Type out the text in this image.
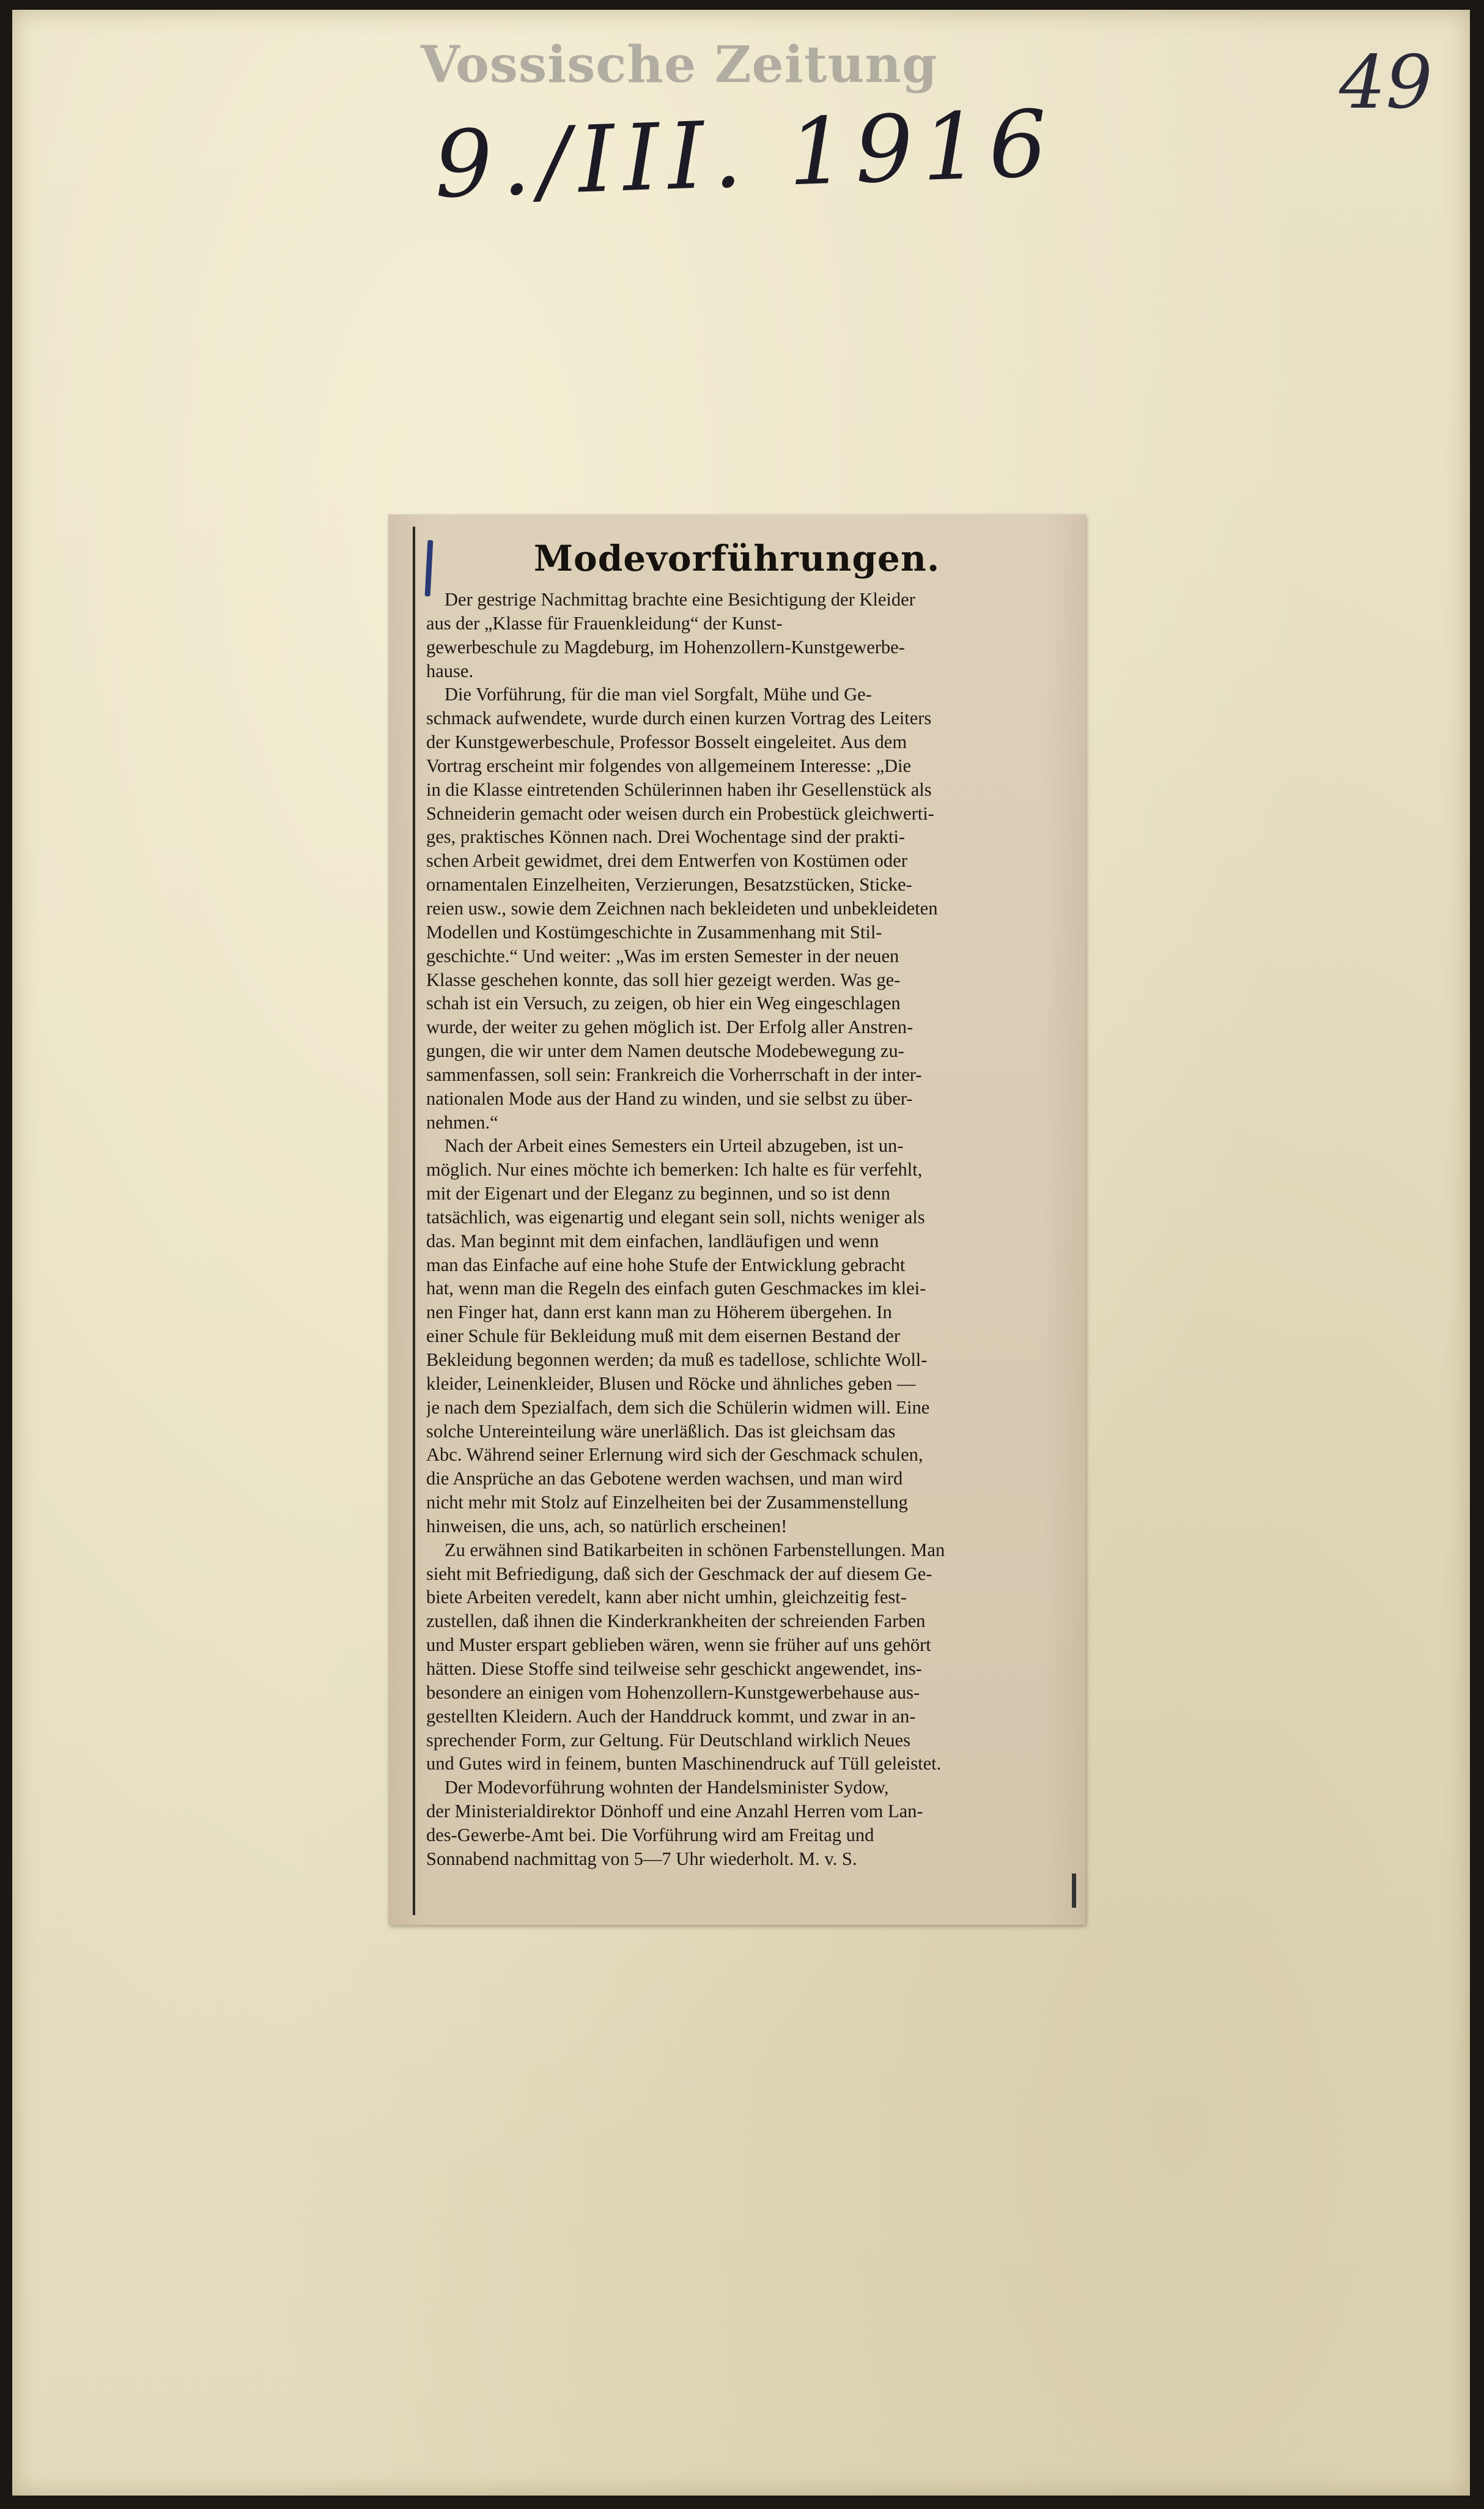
Vossische Zeitung
9./III. 1916
49
Modevorführungen.
Der gestrige Nachmittag brachte eine Besichtigung der Kleider
aus der „Klasse für Frauenkleidung“ der Kunst-
gewerbeschule zu Magdeburg, im Hohenzollern-Kunstgewerbe-
hause.
Die Vorführung, für die man viel Sorgfalt, Mühe und Ge-
schmack aufwendete, wurde durch einen kurzen Vortrag des Leiters
der Kunstgewerbeschule, Professor Bosselt eingeleitet. Aus dem
Vortrag erscheint mir folgendes von allgemeinem Interesse: „Die
in die Klasse eintretenden Schülerinnen haben ihr Gesellenstück als
Schneiderin gemacht oder weisen durch ein Probestück gleichwerti-
ges, praktisches Können nach. Drei Wochentage sind der prakti-
schen Arbeit gewidmet, drei dem Entwerfen von Kostümen oder
ornamentalen Einzelheiten, Verzierungen, Besatzstücken, Sticke-
reien usw., sowie dem Zeichnen nach bekleideten und unbekleideten
Modellen und Kostümgeschichte in Zusammenhang mit Stil-
geschichte.“ Und weiter: „Was im ersten Semester in der neuen
Klasse geschehen konnte, das soll hier gezeigt werden. Was ge-
schah ist ein Versuch, zu zeigen, ob hier ein Weg eingeschlagen
wurde, der weiter zu gehen möglich ist. Der Erfolg aller Anstren-
gungen, die wir unter dem Namen deutsche Modebewegung zu-
sammenfassen, soll sein: Frankreich die Vorherrschaft in der inter-
nationalen Mode aus der Hand zu winden, und sie selbst zu über-
nehmen.“
Nach der Arbeit eines Semesters ein Urteil abzugeben, ist un-
möglich. Nur eines möchte ich bemerken: Ich halte es für verfehlt,
mit der Eigenart und der Eleganz zu beginnen, und so ist denn
tatsächlich, was eigenartig und elegant sein soll, nichts weniger als
das. Man beginnt mit dem einfachen, landläufigen und wenn
man das Einfache auf eine hohe Stufe der Entwicklung gebracht
hat, wenn man die Regeln des einfach guten Geschmackes im klei-
nen Finger hat, dann erst kann man zu Höherem übergehen. In
einer Schule für Bekleidung muß mit dem eisernen Bestand der
Bekleidung begonnen werden; da muß es tadellose, schlichte Woll-
kleider, Leinenkleider, Blusen und Röcke und ähnliches geben —
je nach dem Spezialfach, dem sich die Schülerin widmen will. Eine
solche Untereinteilung wäre unerläßlich. Das ist gleichsam das
Abc. Während seiner Erlernung wird sich der Geschmack schulen,
die Ansprüche an das Gebotene werden wachsen, und man wird
nicht mehr mit Stolz auf Einzelheiten bei der Zusammenstellung
hinweisen, die uns, ach, so natürlich erscheinen!
Zu erwähnen sind Batikarbeiten in schönen Farbenstellungen. Man
sieht mit Befriedigung, daß sich der Geschmack der auf diesem Ge-
biete Arbeiten veredelt, kann aber nicht umhin, gleichzeitig fest-
zustellen, daß ihnen die Kinderkrankheiten der schreienden Farben
und Muster erspart geblieben wären, wenn sie früher auf uns gehört
hätten. Diese Stoffe sind teilweise sehr geschickt angewendet, ins-
besondere an einigen vom Hohenzollern-Kunstgewerbehause aus-
gestellten Kleidern. Auch der Handdruck kommt, und zwar in an-
sprechender Form, zur Geltung. Für Deutschland wirklich Neues
und Gutes wird in feinem, bunten Maschinendruck auf Tüll geleistet.
Der Modevorführung wohnten der Handelsminister Sydow,
der Ministerialdirektor Dönhoff und eine Anzahl Herren vom Lan-
des-Gewerbe-Amt bei. Die Vorführung wird am Freitag und
Sonnabend nachmittag von 5—7 Uhr wiederholt. M. v. S.
